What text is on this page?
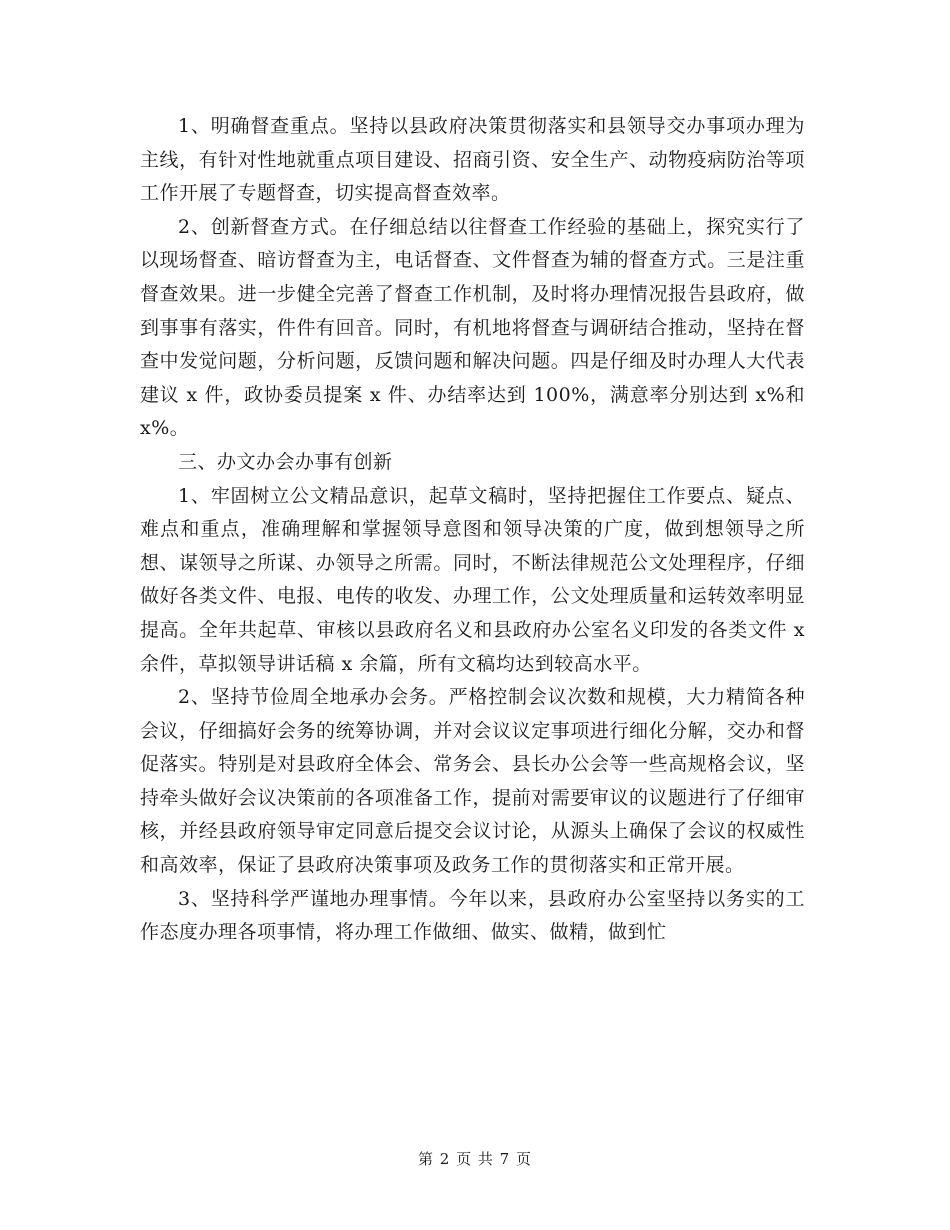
1、明确督查重点。坚持以县政府决策贯彻落实和县领导交办事项办理为主线，有针对性地就重点项目建设、招商引资、安全生产、动物疫病防治等项工作开展了专题督查，切实提高督查效率。

2、创新督查方式。在仔细总结以往督查工作经验的基础上，探究实行了以现场督查、暗访督查为主，电话督查、文件督查为辅的督查方式。三是注重督查效果。进一步健全完善了督查工作机制，及时将办理情况报告县政府，做到事事有落实，件件有回音。同时，有机地将督查与调研结合推动，坚持在督查中发觉问题，分析问题，反馈问题和解决问题。四是仔细及时办理人大代表建议 x 件，政协委员提案 x 件、办结率达到 100%，满意率分别达到 x%和 x%。

三、办文办会办事有创新

1、牢固树立公文精品意识，起草文稿时，坚持把握住工作要点、疑点、难点和重点，准确理解和掌握领导意图和领导决策的广度，做到想领导之所想、谋领导之所谋、办领导之所需。同时，不断法律规范公文处理程序，仔细做好各类文件、电报、电传的收发、办理工作，公文处理质量和运转效率明显提高。全年共起草、审核以县政府名义和县政府办公室名义印发的各类文件 x 余件，草拟领导讲话稿 x 余篇，所有文稿均达到较高水平。

2、坚持节俭周全地承办会务。严格控制会议次数和规模，大力精简各种会议，仔细搞好会务的统筹协调，并对会议议定事项进行细化分解，交办和督促落实。特别是对县政府全体会、常务会、县长办公会等一些高规格会议，坚持牵头做好会议决策前的各项准备工作，提前对需要审议的议题进行了仔细审核，并经县政府领导审定同意后提交会议讨论，从源头上确保了会议的权威性和高效率，保证了县政府决策事项及政务工作的贯彻落实和正常开展。

3、坚持科学严谨地办理事情。今年以来，县政府办公室坚持以务实的工作态度办理各项事情，将办理工作做细、做实、做精，做到忙

第 2 页 共 7 页
